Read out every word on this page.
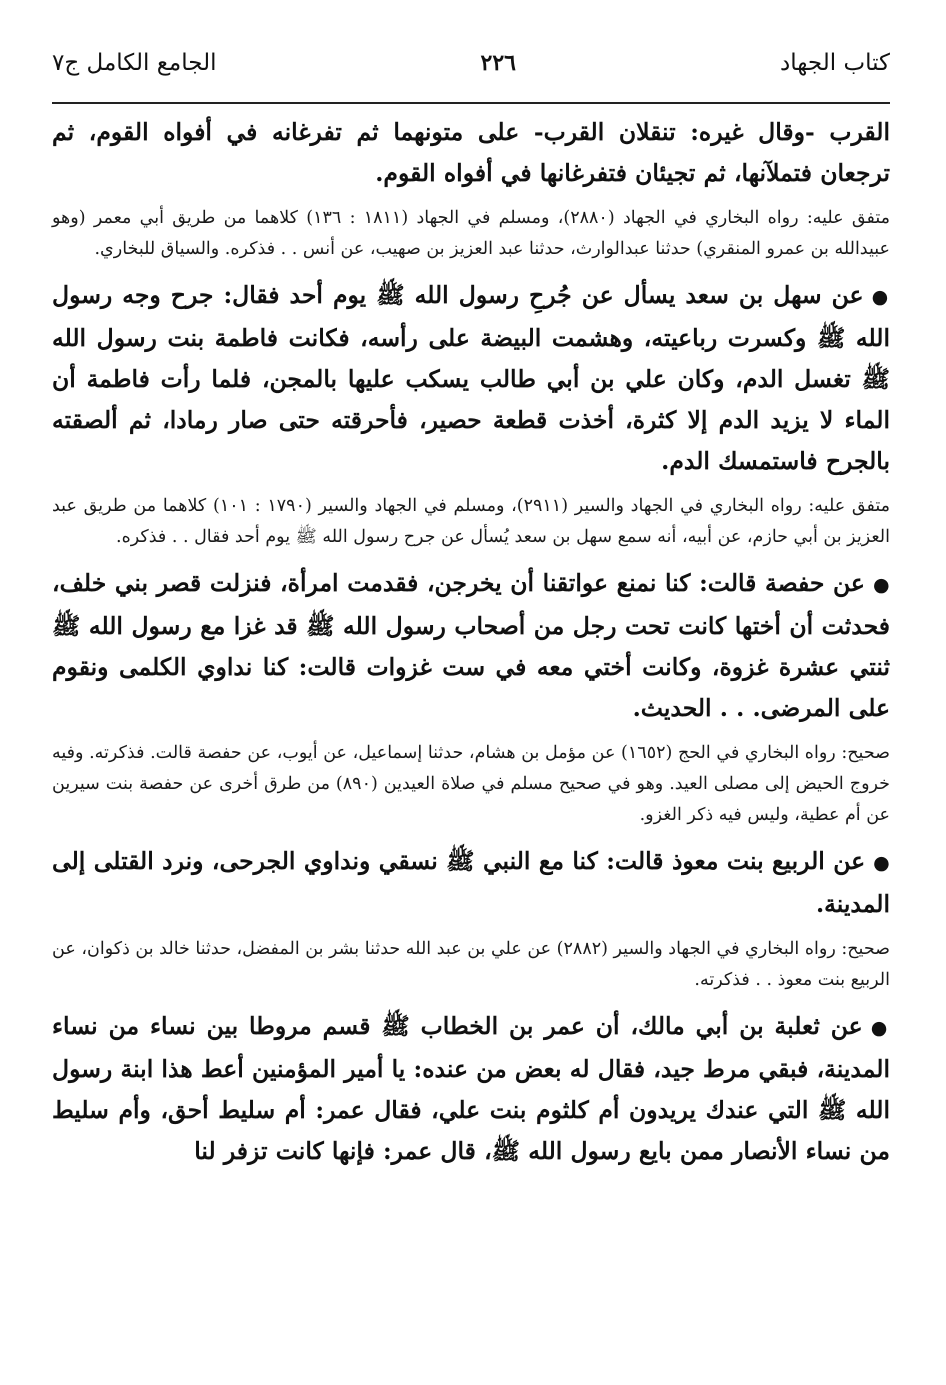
كتاب الجهاد
٢٢٦
الجامع الكامل ج٧

القرب -وقال غيره: تنقلان القرب- على متونهما ثم تفرغانه في أفواه القوم، ثم ترجعان فتملآنها، ثم تجيئان فتفرغانها في أفواه القوم.

متفق عليه: رواه البخاري في الجهاد (٢٨٨٠)، ومسلم في الجهاد (١٨١١ : ١٣٦) كلاهما من طريق أبي معمر (وهو عبيدالله بن عمرو المنقري) حدثنا عبدالوارث، حدثنا عبد العزيز بن صهيب، عن أنس . . فذكره. والسياق للبخاري.

●عن سهل بن سعد يسأل عن جُرحِ رسول الله ﷺ يوم أحد فقال: جرح وجه رسول الله ﷺ وكسرت رباعيته، وهشمت البيضة على رأسه، فكانت فاطمة بنت رسول الله ﷺ تغسل الدم، وكان علي بن أبي طالب يسكب عليها بالمجن، فلما رأت فاطمة أن الماء لا يزيد الدم إلا كثرة، أخذت قطعة حصير، فأحرقته حتى صار رمادا، ثم ألصقته بالجرح فاستمسك الدم.

متفق عليه: رواه البخاري في الجهاد والسير (٢٩١١)، ومسلم في الجهاد والسير (١٧٩٠ : ١٠١) كلاهما من طريق عبد العزيز بن أبي حازم، عن أبيه، أنه سمع سهل بن سعد يُسأل عن جرح رسول الله ﷺ يوم أحد فقال . . فذكره.

●عن حفصة قالت: كنا نمنع عواتقنا أن يخرجن، فقدمت امرأة، فنزلت قصر بني خلف، فحدثت أن أختها كانت تحت رجل من أصحاب رسول الله ﷺ قد غزا مع رسول الله ﷺ ثنتي عشرة غزوة، وكانت أختي معه في ست غزوات قالت: كنا نداوي الكلمى ونقوم على المرضى. . . الحديث.

صحيح: رواه البخاري في الحج (١٦٥٢) عن مؤمل بن هشام، حدثنا إسماعيل، عن أيوب، عن حفصة قالت. فذكرته. وفيه خروج الحيض إلى مصلى العيد. وهو في صحيح مسلم في صلاة العيدين (٨٩٠) من طرق أخرى عن حفصة بنت سيرين عن أم عطية، وليس فيه ذكر الغزو.

●عن الربيع بنت معوذ قالت: كنا مع النبي ﷺ نسقي ونداوي الجرحى، ونرد القتلى إلى المدينة.

صحيح: رواه البخاري في الجهاد والسير (٢٨٨٢) عن علي بن عبد الله حدثنا بشر بن المفضل، حدثنا خالد بن ذكوان، عن الربيع بنت معوذ . . فذكرته.

●عن ثعلبة بن أبي مالك، أن عمر بن الخطاب ﷺ قسم مروطا بين نساء من نساء المدينة، فبقي مرط جيد، فقال له بعض من عنده: يا أمير المؤمنين أعط هذا ابنة رسول الله ﷺ التي عندك يريدون أم كلثوم بنت علي، فقال عمر: أم سليط أحق، وأم سليط من نساء الأنصار ممن بايع رسول الله ﷺ، قال عمر: فإنها كانت تزفر لنا
